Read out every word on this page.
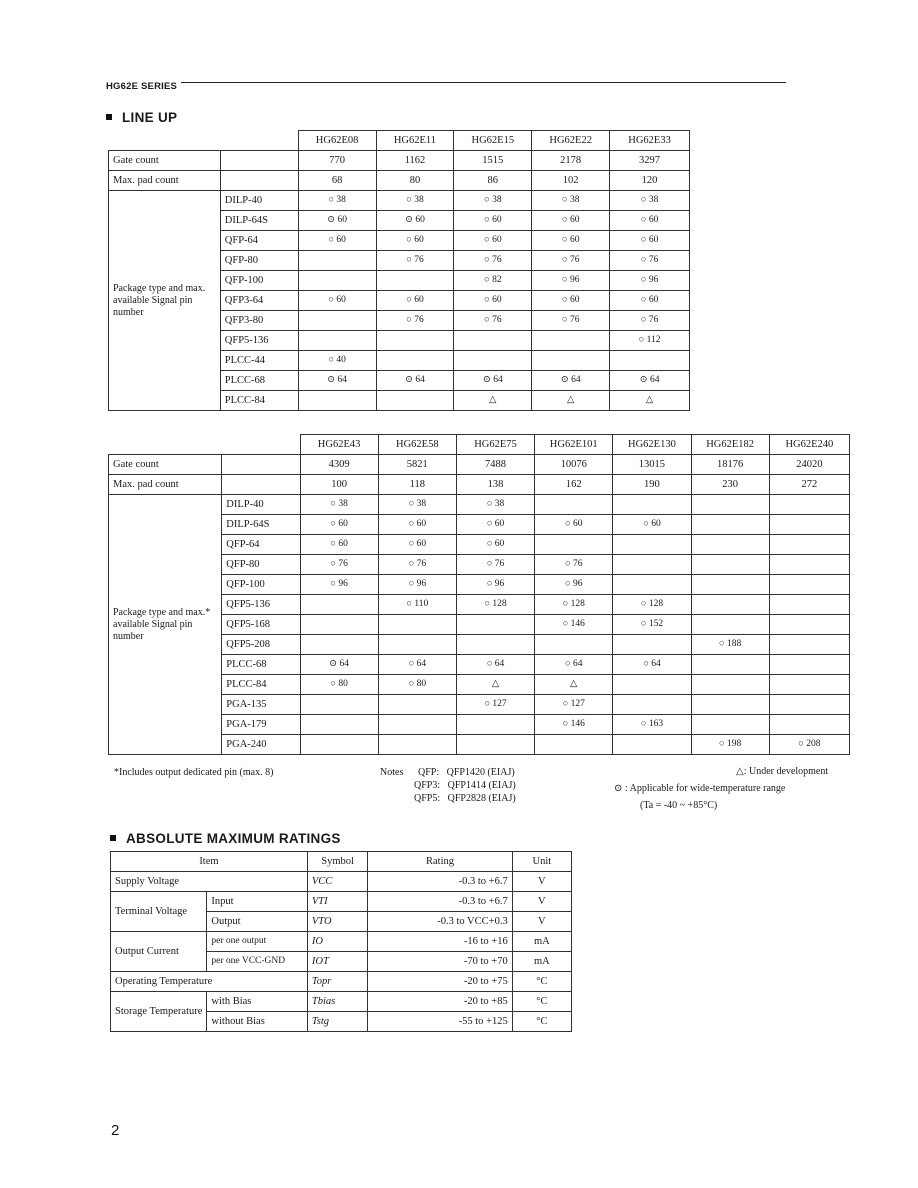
HG62E SERIES
LINE UP
		HG62E08	HG62E11	HG62E15	HG62E22	HG62E33
Gate count		770	1162	1515	2178	3297
Max. pad count		68	80	86	102	120
Package type and max. available Signal pin number	DILP-40	○ 38	○ 38	○ 38	○ 38	○ 38
	DILP-64S	⊙ 60	⊙ 60	○ 60	○ 60	○ 60
	QFP-64	○ 60	○ 60	○ 60	○ 60	○ 60
	QFP-80		○ 76	○ 76	○ 76	○ 76
	QFP-100			○ 82	○ 96	○ 96
	QFP3-64	○ 60	○ 60	○ 60	○ 60	○ 60
	QFP3-80		○ 76	○ 76	○ 76	○ 76
	QFP5-136					○ 112
	PLCC-44	○ 40				
	PLCC-68	⊙ 64	⊙ 64	⊙ 64	⊙ 64	⊙ 64
	PLCC-84			△	△	△
		HG62E43	HG62E58	HG62E75	HG62E101	HG62E130	HG62E182	HG62E240
Gate count		4309	5821	7488	10076	13015	18176	24020
Max. pad count		100	118	138	162	190	230	272
Package type and max.* available Signal pin number	DILP-40	○ 38	○ 38	○ 38				
	DILP-64S	○ 60	○ 60	○ 60	○ 60	○ 60		
	QFP-64	○ 60	○ 60	○ 60				
	QFP-80	○ 76	○ 76	○ 76	○ 76			
	QFP-100	○ 96	○ 96	○ 96	○ 96			
	QFP5-136		○ 110	○ 128	○ 128	○ 128		
	QFP5-168				○ 146	○ 152		
	QFP5-208						○ 188	
	PLCC-68	⊙ 64	○ 64	○ 64	○ 64	○ 64		
	PLCC-84	○ 80	○ 80	△	△			
	PGA-135			○ 127	○ 127			
	PGA-179				○ 146	○ 163		
	PGA-240						○ 198	○ 208
*Includes output dedicated pin (max. 8)	Notes QFP:   QFP1420 (EIAJ)
QFP3:   QFP1414 (EIAJ)
QFP5:   QFP2828 (EIAJ)
△: Under development
⊙ : Applicable for wide-temperature range
(Ta = -40 ~ +85°C)
ABSOLUTE MAXIMUM RATINGS
Item		Symbol	Rating	Unit
Supply Voltage		VCC	-0.3 to +6.7	V
Terminal Voltage	Input	VTI	-0.3 to +6.7	V
	Output	VTO	-0.3 to VCC+0.3	V
Output Current	per one output	IO	-16 to +16	mA
	per one VCC-GND	IOT	-70 to +70	mA
Operating Temperature		Topr	-20 to +75	°C
Storage Temperature	with Bias	Tbias	-20 to +85	°C
	without Bias	Tstg	-55 to +125	°C
2
